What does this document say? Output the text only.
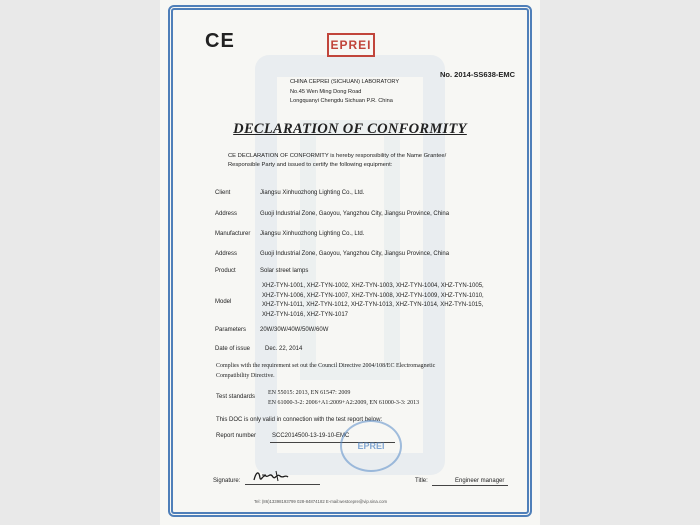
CE	EPREI
No. 2014-SS638-EMC
CHINA CEPREI (SICHUAN) LABORATORY
No.45 Wen Ming Dong Road
Longquanyi Chengdu Sichuan P.R. China
DECLARATION OF CONFORMITY
CE DECLARATION OF CONFORMITY is hereby responsibility of the Name Grantee/
Responsible Party and issued to certify the following equipment:
Client	Jiangsu Xinhuozhong Lighting Co., Ltd.
Address	Guoji Industrial Zone, Gaoyou, Yangzhou City, Jiangsu Province, China
Manufacturer Jiangsu Xinhuozhong Lighting Co., Ltd.
Address	Guoji Industrial Zone, Gaoyou, Yangzhou City, Jiangsu Province, China
Product	Solar street lamps
Model
XHZ-TYN-1001, XHZ-TYN-1002, XHZ-TYN-1003, XHZ-TYN-1004, XHZ-TYN-1005,
XHZ-TYN-1006, XHZ-TYN-1007, XHZ-TYN-1008, XHZ-TYN-1009, XHZ-TYN-1010,
XHZ-TYN-1011, XHZ-TYN-1012, XHZ-TYN-1013, XHZ-TYN-1014, XHZ-TYN-1015,
XHZ-TYN-1016, XHZ-TYN-1017
Parameters 20W/30W/40W/50W/60W
Date of issue Dec. 22, 2014
Complies with the requirement set out the Council Directive 2004/108/EC Electromagnetic
Compatibility Directive.
Test standards
EN 55015: 2013, EN 61547: 2009
EN 61000-3-2: 2006+A1:2009+A2:2009, EN 61000-3-3: 2013
This DOC is only valid in connection with the test report below:
Report number	SCC2014500-13-19-10-EMC
EPREI
Signature:	Title:	Engineer manager
Tel: (86)13398193799 028-84874182 E-mail:westcepre@vip.sina.com
